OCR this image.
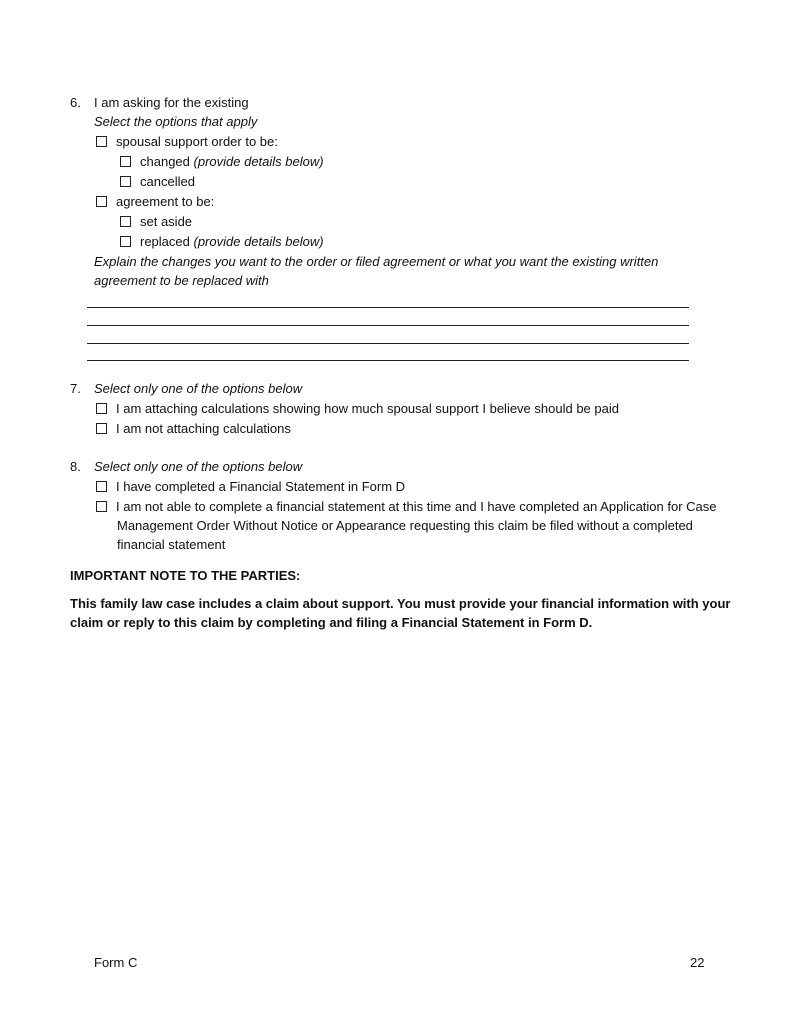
6. I am asking for the existing
Select the options that apply
spousal support order to be:
changed (provide details below)
cancelled
agreement to be:
set aside
replaced (provide details below)
Explain the changes you want to the order or filed agreement or what you want the existing written
agreement to be replaced with
7. Select only one of the options below
I am attaching calculations showing how much spousal support I believe should be paid
I am not attaching calculations
8. Select only one of the options below
I have completed a Financial Statement in Form D
I am not able to complete a financial statement at this time and I have completed an Application for Case
Management Order Without Notice or Appearance requesting this claim be filed without a completed
financial statement
IMPORTANT NOTE TO THE PARTIES:
This family law case includes a claim about support. You must provide your financial information with your
claim or reply to this claim by completing and filing a Financial Statement in Form D.
Form C	22
